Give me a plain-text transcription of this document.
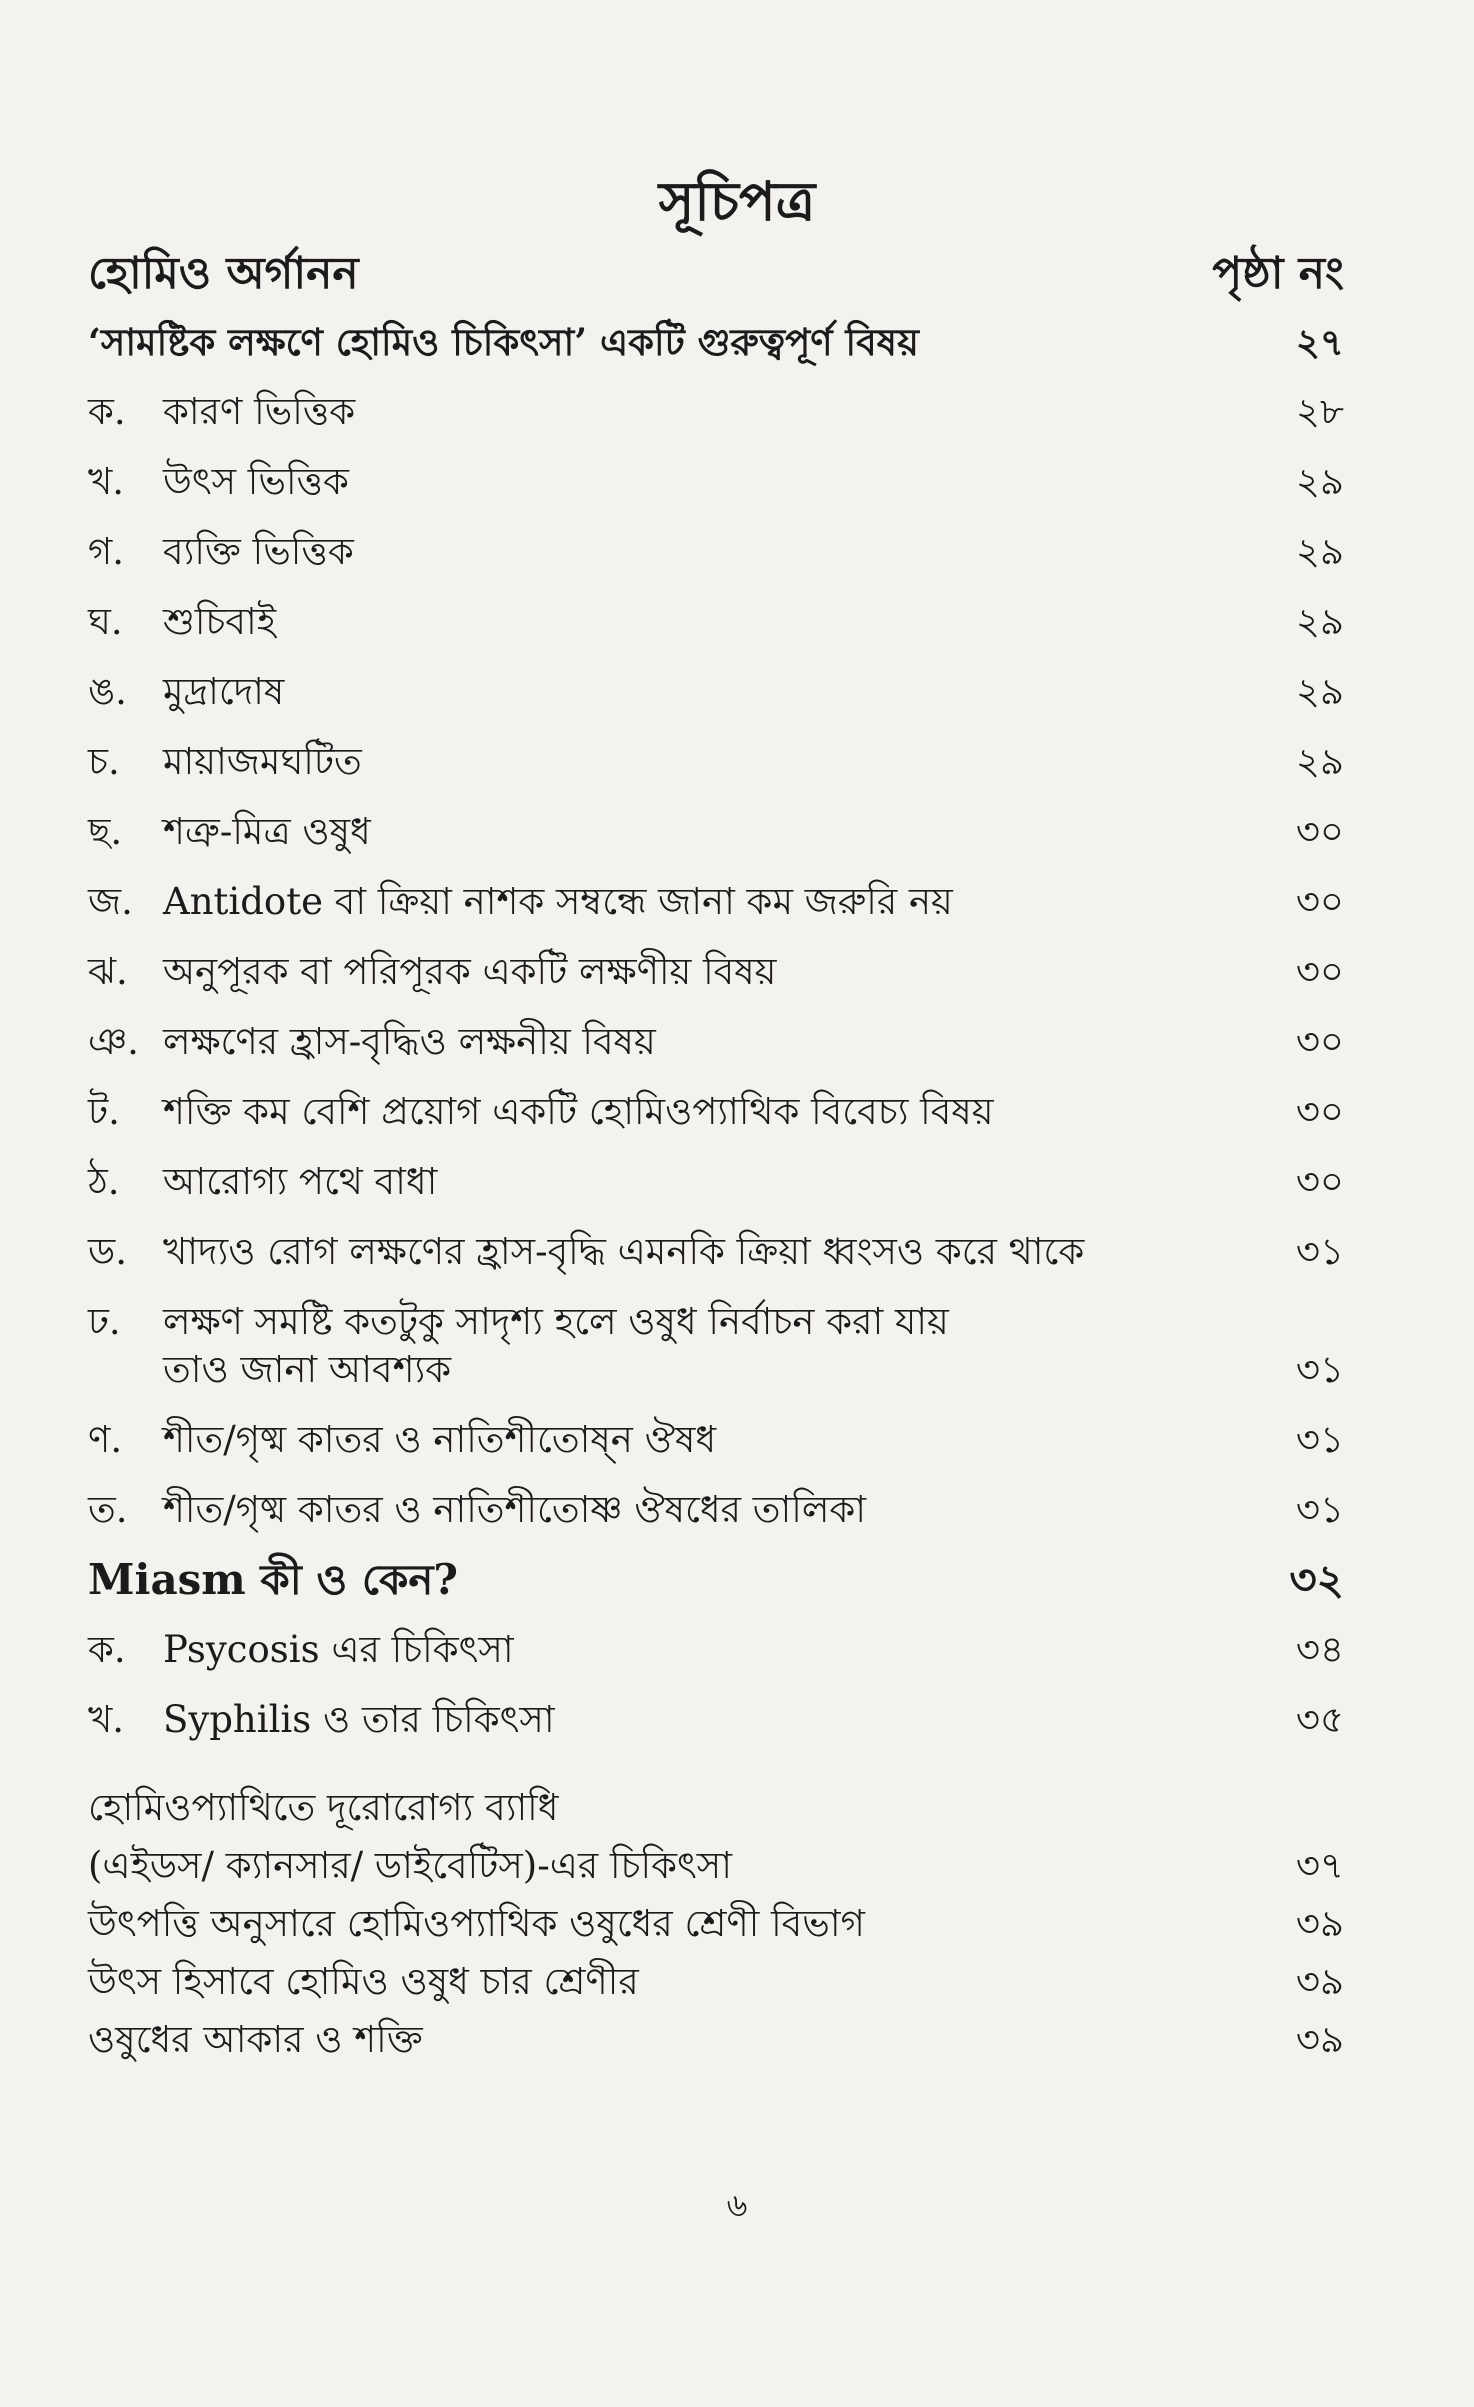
সূচিপত্র
হোমিও অর্গানন	পৃষ্ঠা নং
‘সামষ্টিক লক্ষণে হোমিও চিকিৎসা’ একটি গুরুত্বপূর্ণ বিষয়	২৭
ক.	কারণ ভিত্তিক	২৮
খ.	উৎস ভিত্তিক	২৯
গ.	ব্যক্তি ভিত্তিক	২৯
ঘ.	শুচিবাই	২৯
ঙ. মুদ্রাদোষ	২৯
চ.	মায়াজমঘটিত	২৯
ছ.	শত্রু-মিত্র ওষুধ	৩০
জ. Antidote বা ক্রিয়া নাশক সম্বন্ধে জানা কম জরুরি নয়	৩০
ঝ. অনুপূরক বা পরিপূরক একটি লক্ষণীয় বিষয়	৩০
ঞ. লক্ষণের হ্রাস-বৃদ্ধিও লক্ষনীয় বিষয়	৩০
ট.	শক্তি কম বেশি প্রয়োগ একটি হোমিওপ্যাথিক বিবেচ্য বিষয়	৩০
ঠ.	আরোগ্য পথে বাধা	৩০
ড. খাদ্যও রোগ লক্ষণের হ্রাস-বৃদ্ধি এমনকি ক্রিয়া ধ্বংসও করে থাকে	৩১
ঢ.	লক্ষণ সমষ্টি কতটুকু সাদৃশ্য হলে ওষুধ নির্বাচন করা যায়
তাও জানা আবশ্যক	৩১
ণ.	শীত/গৃষ্ম কাতর ও নাতিশীতোষ্ন ঔষধ	৩১
ত. শীত/গৃষ্ম কাতর ও নাতিশীতোষ্ণ ঔষধের তালিকা	৩১
Miasm কী ও কেন?	৩২
ক.	Psycosis এর চিকিৎসা	৩৪
খ.	Syphilis ও তার চিকিৎসা	৩৫
হোমিওপ্যাথিতে দূরোরোগ্য ব্যাধি
(এইডস/ ক্যানসার/ ডাইবেটিস)-এর চিকিৎসা	৩৭
উৎপত্তি অনুসারে হোমিওপ্যাথিক ওষুধের শ্রেণী বিভাগ	৩৯
উৎস হিসাবে হোমিও ওষুধ চার শ্রেণীর	৩৯
ওষুধের আকার ও শক্তি	৩৯
৬
